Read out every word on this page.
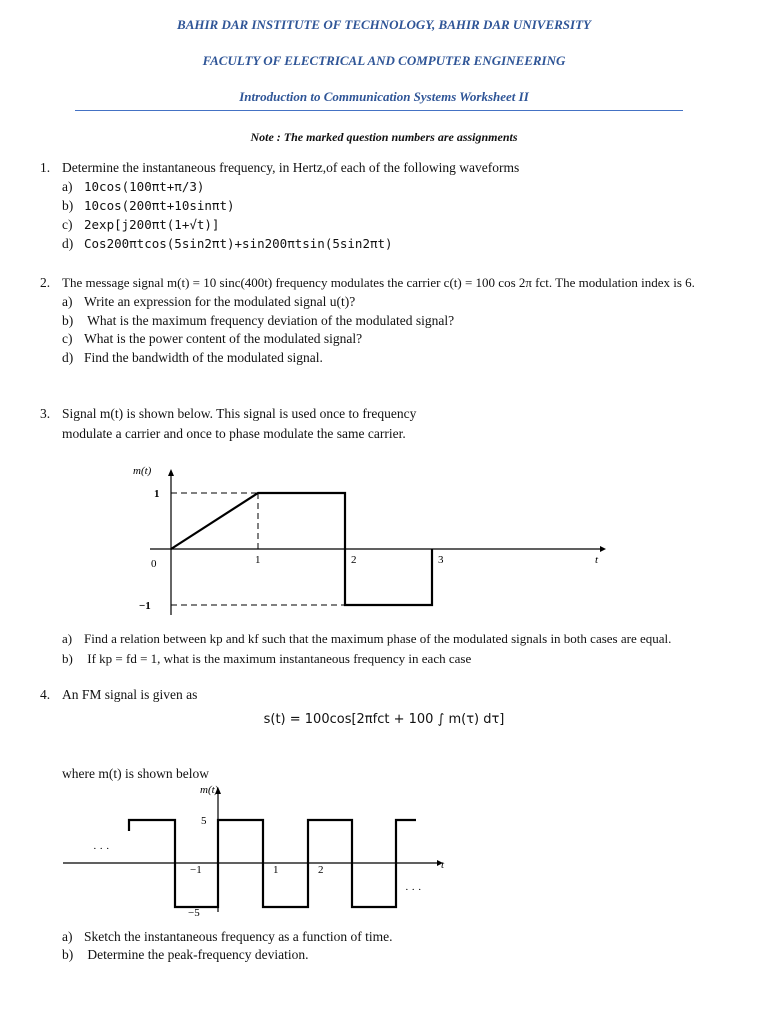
BAHIR DAR INSTITUTE OF TECHNOLOGY, BAHIR DAR UNIVERSITY
FACULTY OF ELECTRICAL AND COMPUTER ENGINEERING
Introduction to Communication Systems Worksheet II
Note : The marked question numbers are assignments
1. Determine the instantaneous frequency, in Hertz,of each of the following waveforms
a) 10cos(100πt+π/3)
b) 10cos(200πt+10sinπt)
c) 2exp[j200πt(1+√t)]
d) Cos200πtcos(5sin2πt)+sin200πtsin(5sin2πt)
2. The message signal m(t) = 10 sinc(400t) frequency modulates the carrier c(t) = 100 cos 2π fct. The modulation index is 6.
a) Write an expression for the modulated signal u(t)?
b) What is the maximum frequency deviation of the modulated signal?
c) What is the power content of the modulated signal?
d) Find the bandwidth of the modulated signal.
3. Signal m(t) is shown below. This signal is used once to frequency
modulate a carrier and once to phase modulate the same carrier.
m(t)
t
0
1
−1
1	2	3
m(t)
t
5
−5
−1	1	2
· · ·
· · ·
a) Find a relation between kp and kf such that the maximum phase of the modulated signals in both cases are equal.
b) If kp = fd = 1, what is the maximum instantaneous frequency in each case
4. An FM signal is given as
s(t) = 100cos[2πfct + 100 ∫ m(τ) dτ]
where m(t) is shown below
a) Sketch the instantaneous frequency as a function of time.
b) Determine the peak-frequency deviation.
